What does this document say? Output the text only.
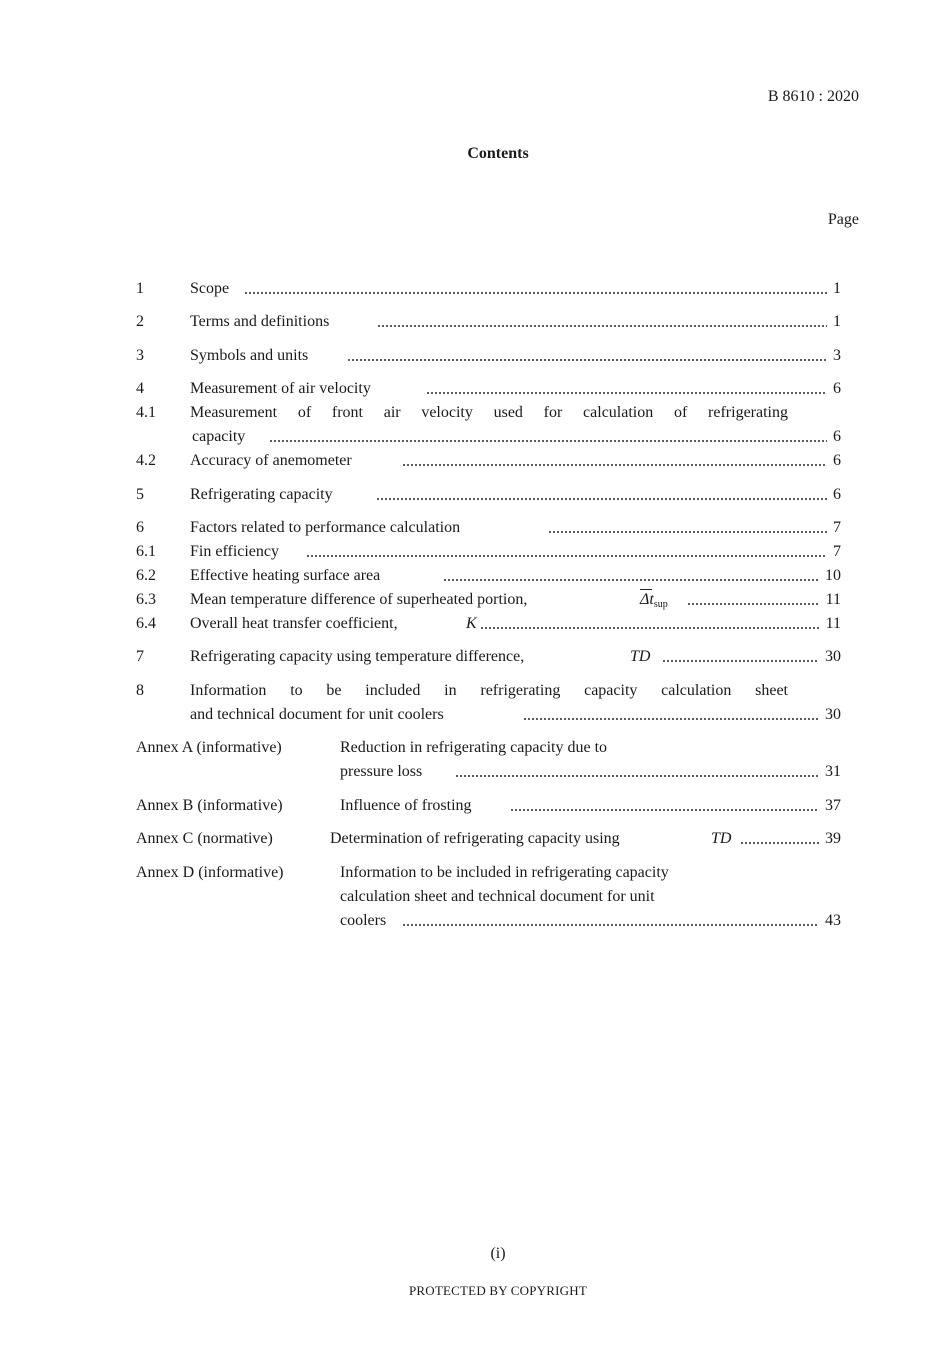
B 8610 : 2020
Contents
Page
1	Scope	1
2	Terms and definitions	1
3	Symbols and units	3
4	Measurement of air velocity	6
4.1 Measurement of front air velocity used for calculation of refrigerating
capacity	6
4.2 Accuracy of anemometer	6
5	Refrigerating capacity	6
6	Factors related to performance calculation	7
6.1 Fin efficiency	7
6.2 Effective heating surface area	10
6.3 Mean temperature difference of superheated portion,	$\Delta t_{sup}$	11
6.4 Overall heat transfer coefficient,	K	11
7	Refrigerating capacity using temperature difference,	TD	30
8	Information to be included in refrigerating capacity calculation sheet
and technical document for unit coolers	30
Annex A (informative)	Reduction in refrigerating capacity due to
pressure loss	31
Annex B (informative)	Influence of frosting	37
Annex C (normative)	Determination of refrigerating capacity using	TD	39
Annex D (informative)	Information to be included in refrigerating capacity
calculation sheet and technical document for unit
coolers	43
(i)
PROTECTED BY COPYRIGHT
